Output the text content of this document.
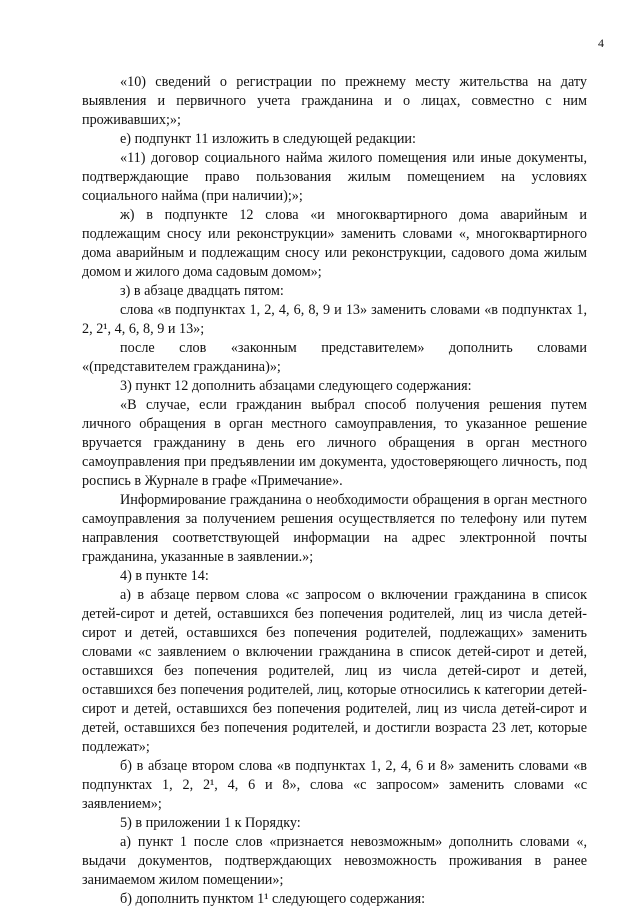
4

«10) сведений о регистрации по прежнему месту жительства на дату выявления и первичного учета гражданина и о лицах, совместно с ним проживавших;»;

е) подпункт 11 изложить в следующей редакции:

«11) договор социального найма жилого помещения или иные документы, подтверждающие право пользования жилым помещением на условиях социального найма (при наличии);»;

ж) в подпункте 12 слова «и многоквартирного дома аварийным и подлежащим сносу или реконструкции» заменить словами «, многоквартирного дома аварийным и подлежащим сносу или реконструкции, садового дома жилым домом и жилого дома садовым домом»;

з) в абзаце двадцать пятом:

слова «в подпунктах 1, 2, 4, 6, 8, 9 и 13» заменить словами «в подпунктах 1, 2, 2¹, 4, 6, 8, 9 и 13»;

после слов «законным представителем» дополнить словами «(представителем гражданина)»;

3) пункт 12 дополнить абзацами следующего содержания:

«В случае, если гражданин выбрал способ получения решения путем личного обращения в орган местного самоуправления, то указанное решение вручается гражданину в день его личного обращения в орган местного самоуправления при предъявлении им документа, удостоверяющего личность, под роспись в Журнале в графе «Примечание».

Информирование гражданина о необходимости обращения в орган местного самоуправления за получением решения осуществляется по телефону или путем направления соответствующей информации на адрес электронной почты гражданина, указанные в заявлении.»;

4) в пункте 14:

а) в абзаце первом слова «с запросом о включении гражданина в список детей-сирот и детей, оставшихся без попечения родителей, лиц из числа детей-сирот и детей, оставшихся без попечения родителей, подлежащих» заменить словами «с заявлением о включении гражданина в список детей-сирот и детей, оставшихся без попечения родителей, лиц из числа детей-сирот и детей, оставшихся без попечения родителей, лиц, которые относились к категории детей-сирот и детей, оставшихся без попечения родителей, лиц из числа детей-сирот и детей, оставшихся без попечения родителей, и достигли возраста 23 лет, которые подлежат»;

б) в абзаце втором слова «в подпунктах 1, 2, 4, 6 и 8» заменить словами «в подпунктах 1, 2, 2¹, 4, 6 и 8», слова «с запросом» заменить словами «с заявлением»;

5) в приложении 1 к Порядку:

а) пункт 1 после слов «признается невозможным» дополнить словами «, выдачи документов, подтверждающих невозможность проживания в ранее занимаемом жилом помещении»;

б) дополнить пунктом 1¹ следующего содержания:
